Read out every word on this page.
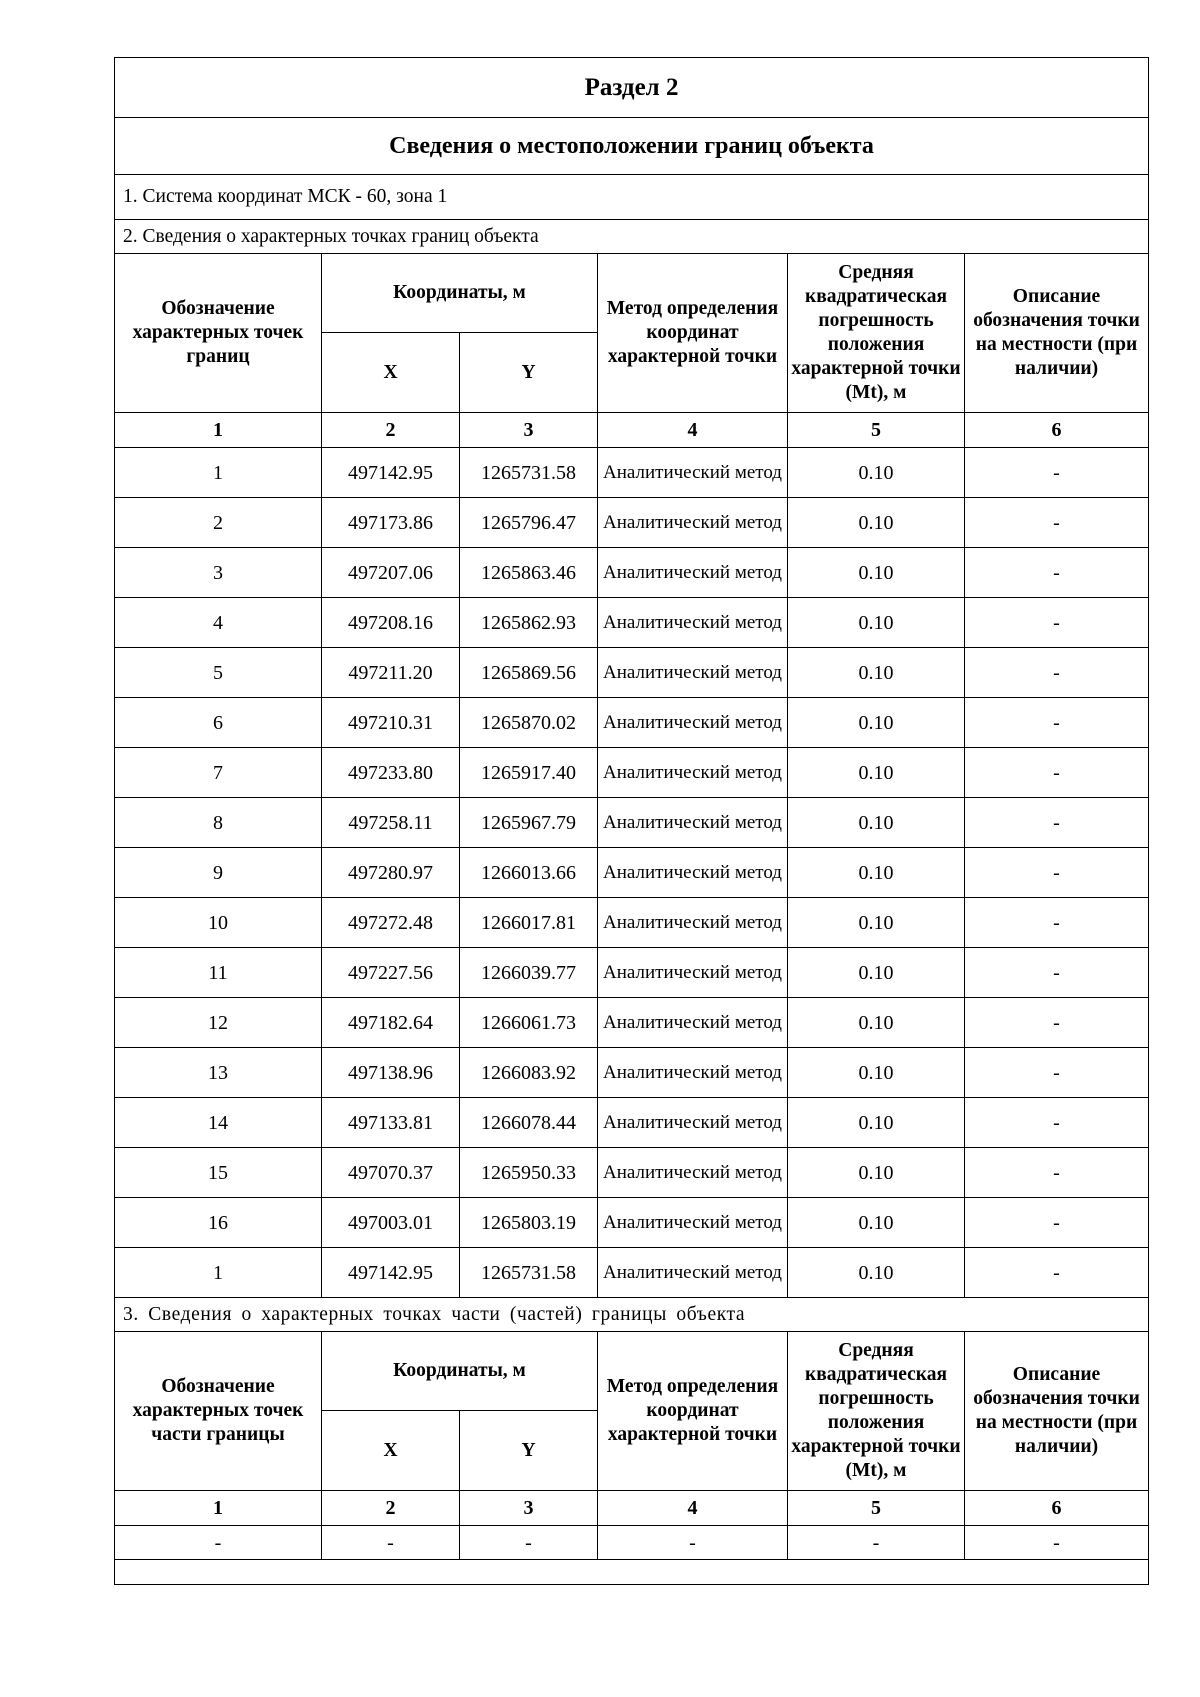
Раздел 2					
Сведения о местоположении границ объекта					
1. Система координат МСК - 60, зона 1					
2. Сведения о характерных точках границ объекта					
Обозначение характерных точек границ	Координаты, м		Метод определения координат характерной точки	Средняя квадратическая погрешность положения характерной точки (Mt), м	Описание обозначения точки на местности (при наличии)
	X	Y			
1	2	3	4	5	6
1	497142.95	1265731.58	Аналитический метод	0.10	-
2	497173.86	1265796.47	Аналитический метод	0.10	-
3	497207.06	1265863.46	Аналитический метод	0.10	-
4	497208.16	1265862.93	Аналитический метод	0.10	-
5	497211.20	1265869.56	Аналитический метод	0.10	-
6	497210.31	1265870.02	Аналитический метод	0.10	-
7	497233.80	1265917.40	Аналитический метод	0.10	-
8	497258.11	1265967.79	Аналитический метод	0.10	-
9	497280.97	1266013.66	Аналитический метод	0.10	-
10	497272.48	1266017.81	Аналитический метод	0.10	-
11	497227.56	1266039.77	Аналитический метод	0.10	-
12	497182.64	1266061.73	Аналитический метод	0.10	-
13	497138.96	1266083.92	Аналитический метод	0.10	-
14	497133.81	1266078.44	Аналитический метод	0.10	-
15	497070.37	1265950.33	Аналитический метод	0.10	-
16	497003.01	1265803.19	Аналитический метод	0.10	-
1	497142.95	1265731.58	Аналитический метод	0.10	-
3. Сведения о характерных точках части (частей) границы объекта					
Обозначение характерных точек части границы	Координаты, м		Метод определения координат характерной точки	Средняя квадратическая погрешность положения характерной точки (Mt), м	Описание обозначения точки на местности (при наличии)
	X	Y			
1	2	3	4	5	6
-	-	-	-	-	-
